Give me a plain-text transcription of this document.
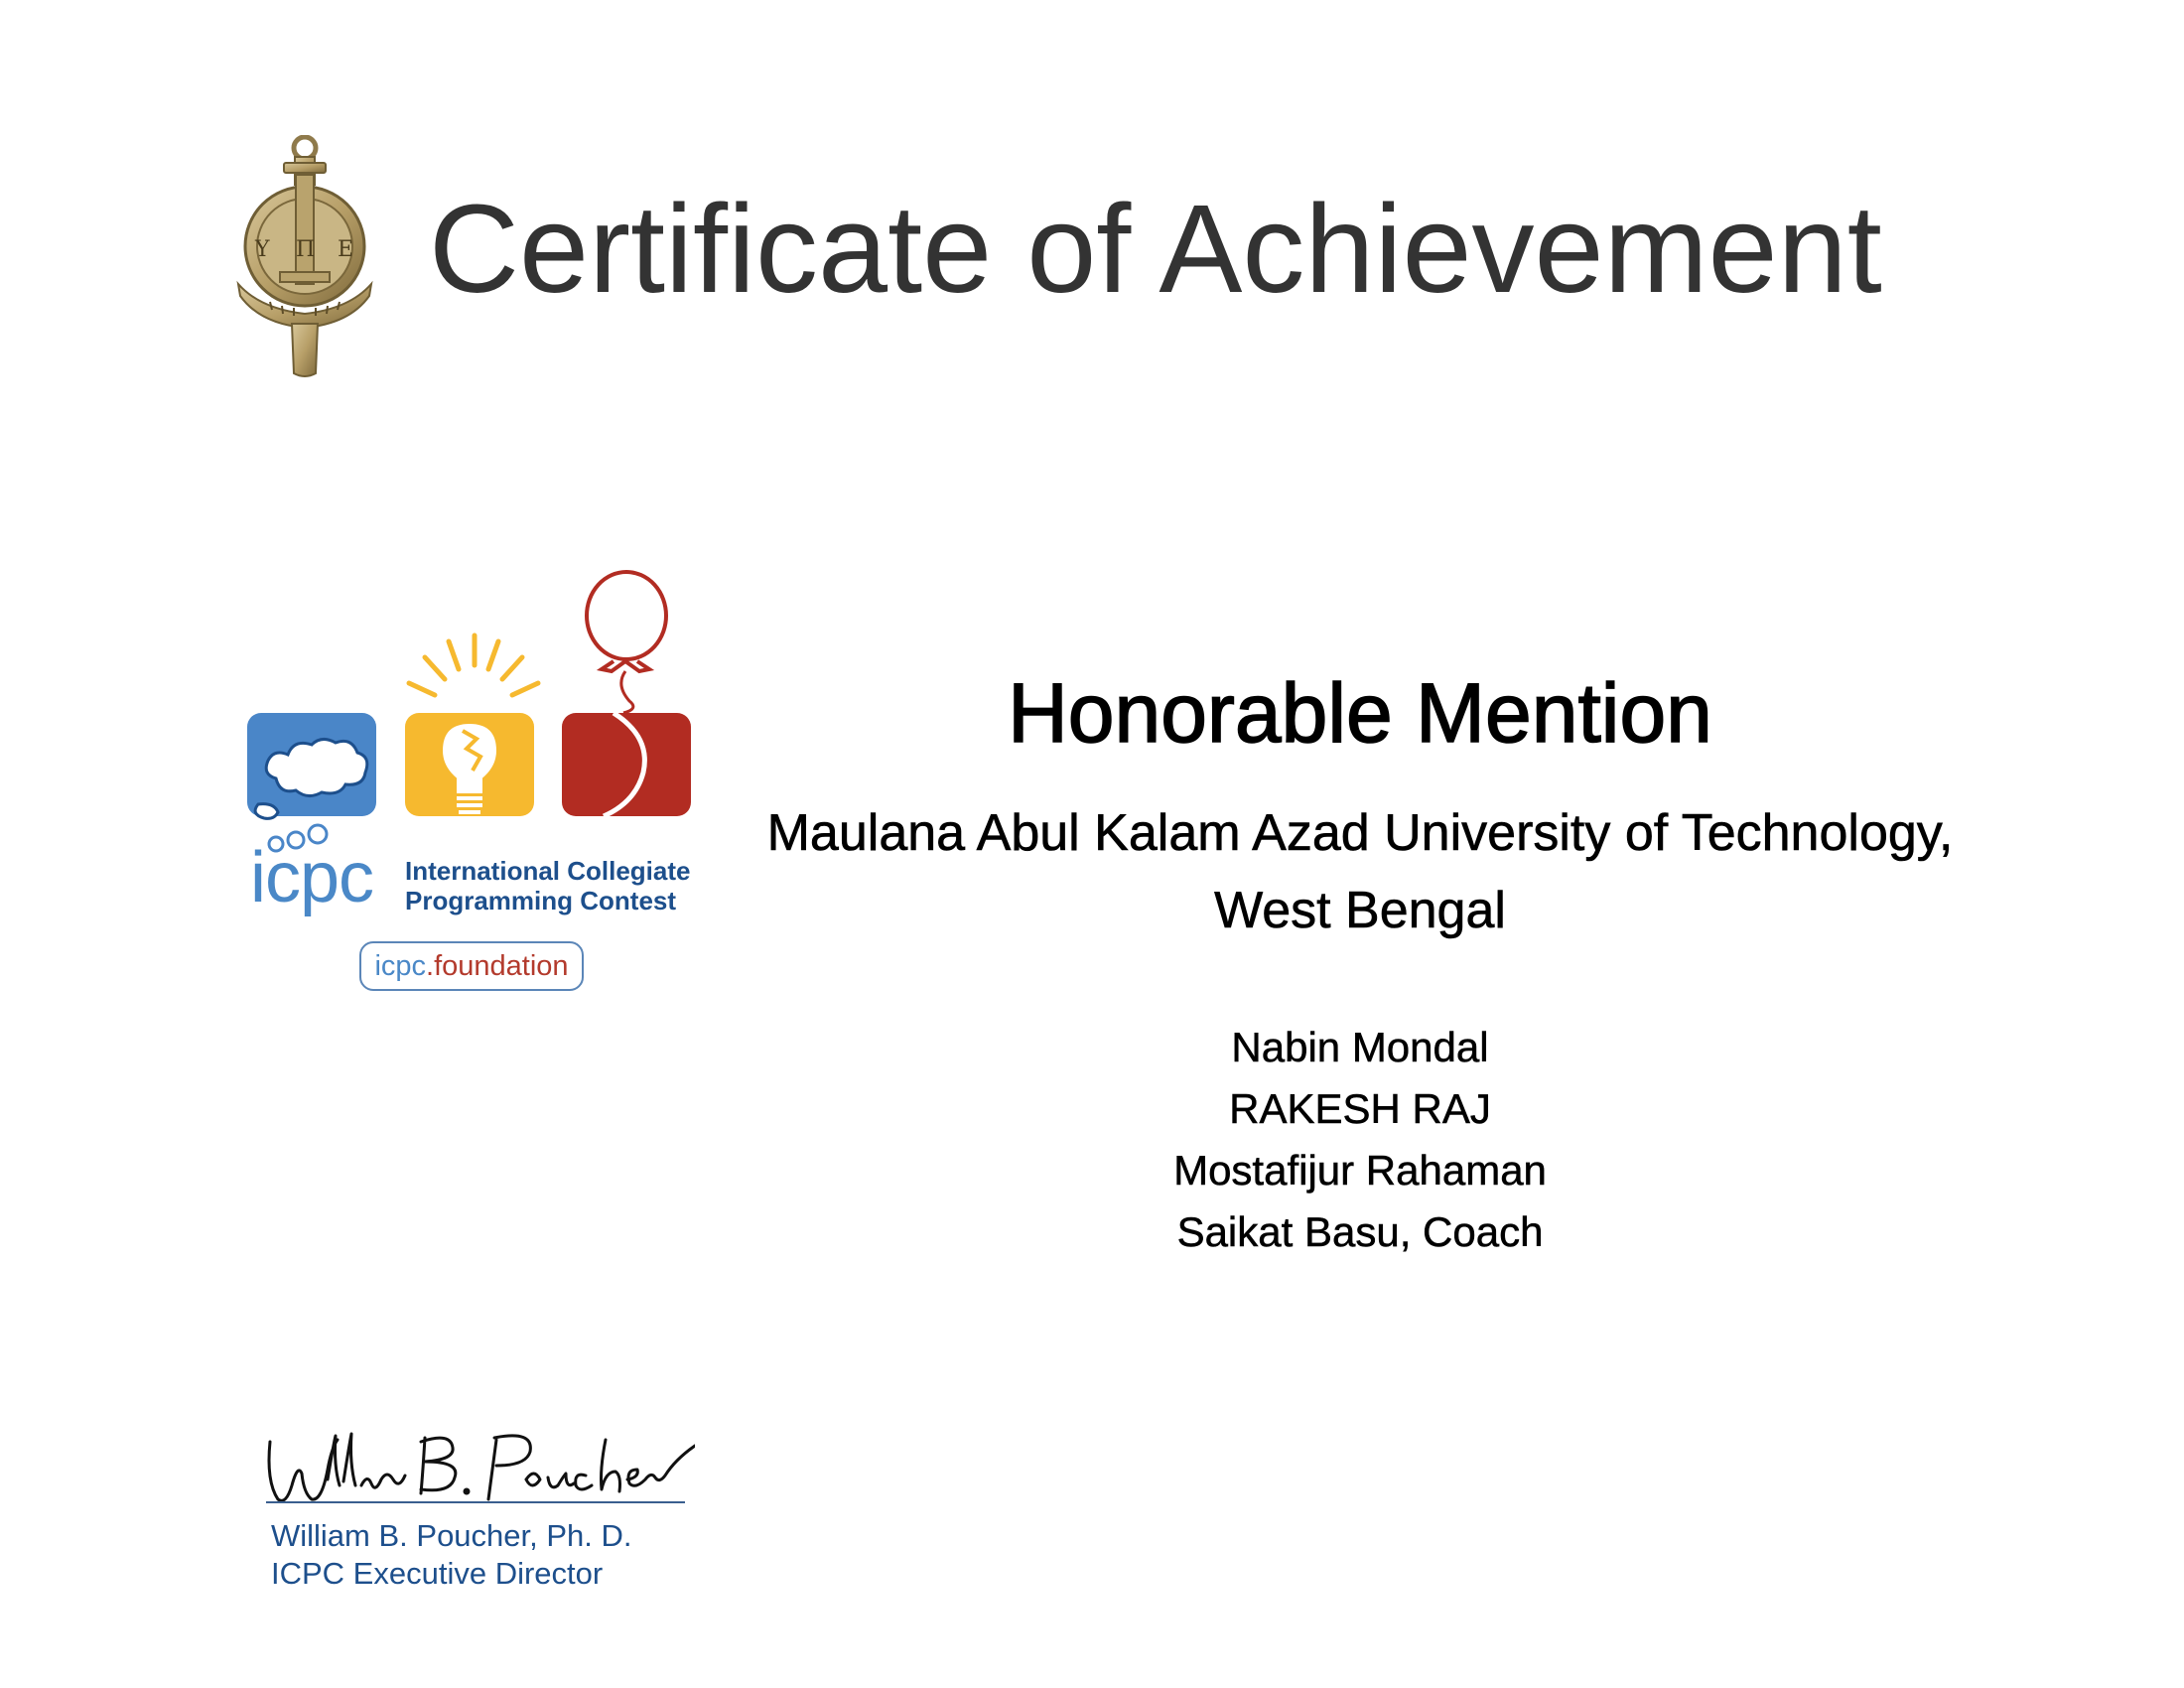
Υ Π Ε Certificate of Achievement
icpc International Collegiate
Programming Contest
icpc.foundation
Honorable Mention
Maulana Abul Kalam Azad University of Technology,
West Bengal
Nabin Mondal
RAKESH RAJ
Mostafijur Rahaman
Saikat Basu, Coach
William B. Poucher, Ph. D.
ICPC Executive Director
